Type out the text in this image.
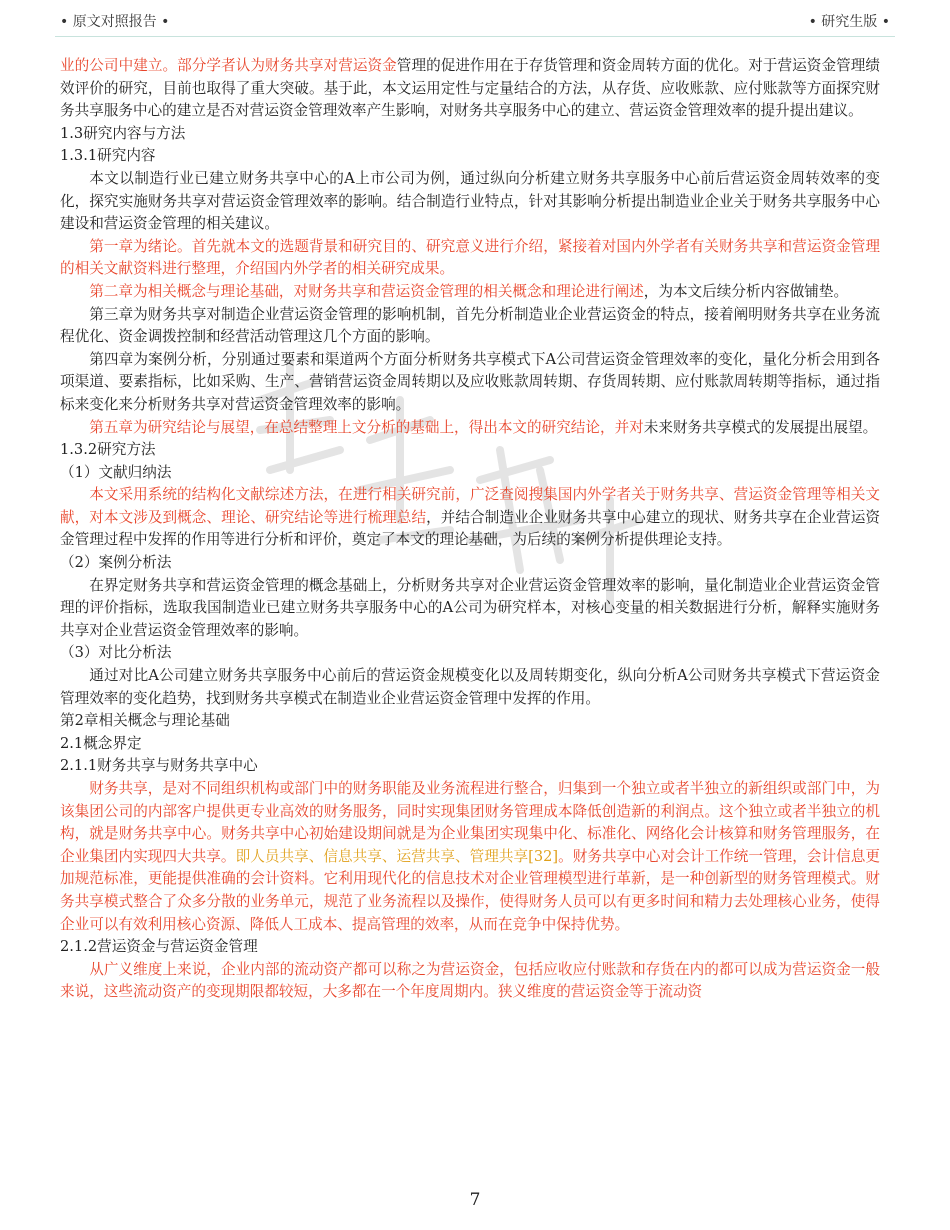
• 原文对照报告 •	• 研究生版 •

业的公司中建立。部分学者认为财务共享对营运资金管理的促进作用在于存货管理和资金周转方面的优化。对于营运资金管理绩效评价的研究，目前也取得了重大突破。基于此，本文运用定性与定量结合的方法，从存货、应收账款、应付账款等方面探究财务共享服务中心的建立是否对营运资金管理效率产生影响，对财务共享服务中心的建立、营运资金管理效率的提升提出建议。

1.3研究内容与方法

1.3.1研究内容

本文以制造行业已建立财务共享中心的A上市公司为例，通过纵向分析建立财务共享服务中心前后营运资金周转效率的变化，探究实施财务共享对营运资金管理效率的影响。结合制造行业特点，针对其影响分析提出制造业企业关于财务共享服务中心建设和营运资金管理的相关建议。

第一章为绪论。首先就本文的选题背景和研究目的、研究意义进行介绍，紧接着对国内外学者有关财务共享和营运资金管理的相关文献资料进行整理，介绍国内外学者的相关研究成果。

第二章为相关概念与理论基础，对财务共享和营运资金管理的相关概念和理论进行阐述，为本文后续分析内容做铺垫。

第三章为财务共享对制造企业营运资金管理的影响机制，首先分析制造业企业营运资金的特点，接着阐明财务共享在业务流程优化、资金调拨控制和经营活动管理这几个方面的影响。

第四章为案例分析，分别通过要素和渠道两个方面分析财务共享模式下A公司营运资金管理效率的变化，量化分析会用到各项渠道、要素指标，比如采购、生产、营销营运资金周转期以及应收账款周转期、存货周转期、应付账款周转期等指标，通过指标来变化来分析财务共享对营运资金管理效率的影响。

第五章为研究结论与展望，在总结整理上文分析的基础上，得出本文的研究结论，并对未来财务共享模式的发展提出展望。

1.3.2研究方法

（1）文献归纳法

本文采用系统的结构化文献综述方法，在进行相关研究前，广泛查阅搜集国内外学者关于财务共享、营运资金管理等相关文献，对本文涉及到概念、理论、研究结论等进行梳理总结，并结合制造业企业财务共享中心建立的现状、财务共享在企业营运资金管理过程中发挥的作用等进行分析和评价，奠定了本文的理论基础，为后续的案例分析提供理论支持。

（2）案例分析法

在界定财务共享和营运资金管理的概念基础上，分析财务共享对企业营运资金管理效率的影响，量化制造业企业营运资金管理的评价指标，选取我国制造业已建立财务共享服务中心的A公司为研究样本，对核心变量的相关数据进行分析，解释实施财务共享对企业营运资金管理效率的影响。

（3）对比分析法

通过对比A公司建立财务共享服务中心前后的营运资金规模变化以及周转期变化，纵向分析A公司财务共享模式下营运资金管理效率的变化趋势，找到财务共享模式在制造业企业营运资金管理中发挥的作用。

第2章相关概念与理论基础

2.1概念界定

2.1.1财务共享与财务共享中心

财务共享，是对不同组织机构或部门中的财务职能及业务流程进行整合，归集到一个独立或者半独立的新组织或部门中，为该集团公司的内部客户提供更专业高效的财务服务，同时实现集团财务管理成本降低创造新的利润点。这个独立或者半独立的机构，就是财务共享中心。财务共享中心初始建设期间就是为企业集团实现集中化、标准化、网络化会计核算和财务管理服务，在企业集团内实现四大共享。即人员共享、信息共享、运营共享、管理共享[32]。财务共享中心对会计工作统一管理，会计信息更加规范标准，更能提供准确的会计资料。它利用现代化的信息技术对企业管理模型进行革新，是一种创新型的财务管理模式。财务共享模式整合了众多分散的业务单元，规范了业务流程以及操作，使得财务人员可以有更多时间和精力去处理核心业务，使得企业可以有效利用核心资源、降低人工成本、提高管理的效率，从而在竞争中保持优势。

2.1.2营运资金与营运资金管理

从广义维度上来说，企业内部的流动资产都可以称之为营运资金，包括应收应付账款和存货在内的都可以成为营运资金一般来说，这些流动资产的变现期限都较短，大多都在一个年度周期内。狭义维度的营运资金等于流动资

7
